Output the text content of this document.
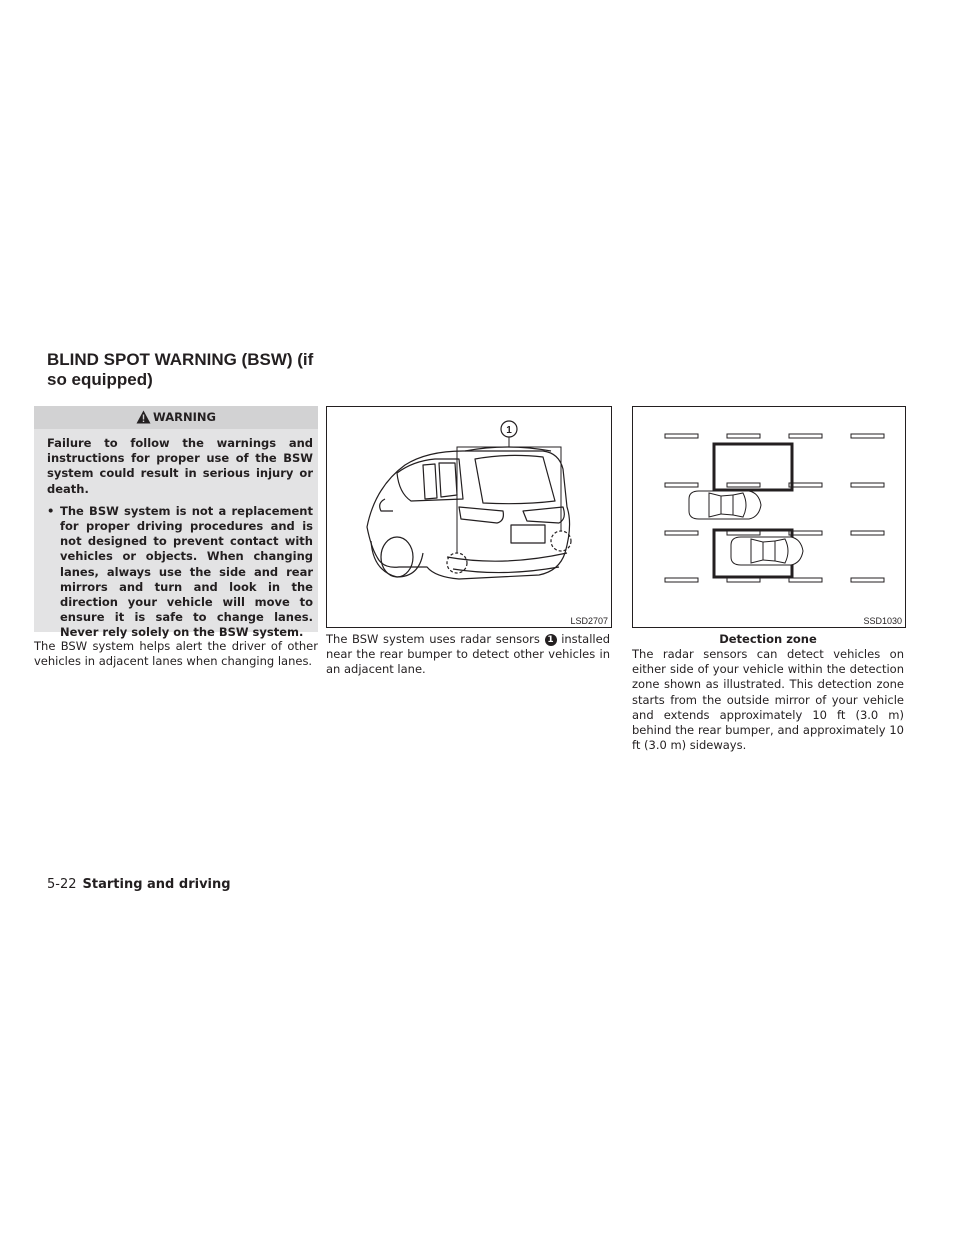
BLIND SPOT WARNING (BSW) (if so equipped)
WARNING

Failure to follow the warnings and instructions for proper use of the BSW system could result in serious injury or death.

• The BSW system is not a replacement for proper driving procedures and is not designed to prevent contact with vehicles or objects. When changing lanes, always use the side and rear mirrors and turn and look in the direction your vehicle will move to ensure it is safe to change lanes. Never rely solely on the BSW system.

The BSW system helps alert the driver of other vehicles in adjacent lanes when changing lanes.

1
LSD2707

The BSW system uses radar sensors 1 installed near the rear bumper to detect other vehicles in an adjacent lane.

SSD1030
Detection zone

The radar sensors can detect vehicles on either side of your vehicle within the detection zone shown as illustrated. This detection zone starts from the outside mirror of your vehicle and extends approximately 10 ft (3.0 m) behind the rear bumper, and approximately 10 ft (3.0 m) sideways.

5-22 Starting and driving
